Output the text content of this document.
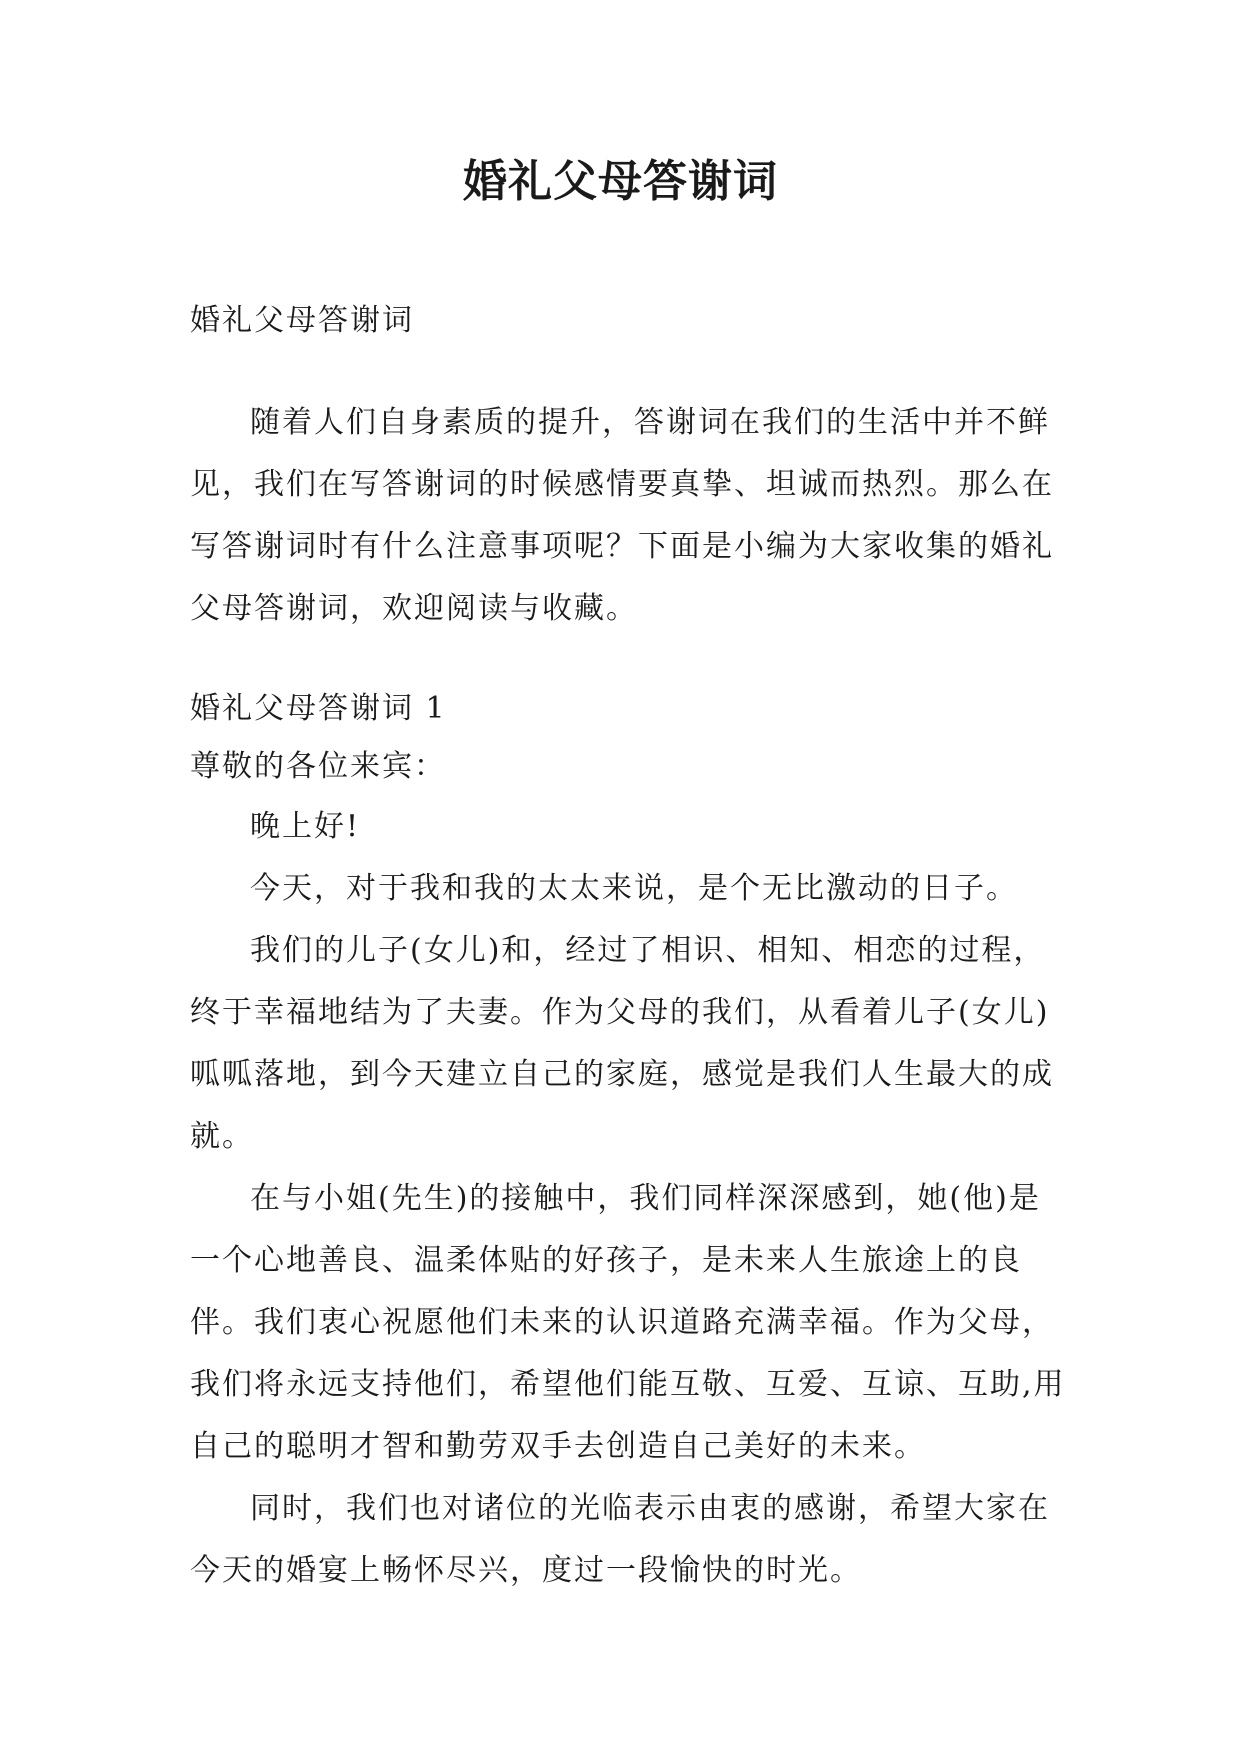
婚礼父母答谢词

婚礼父母答谢词

随着人们自身素质的提升，答谢词在我们的生活中并不鲜见，我们在写答谢词的时候感情要真挚、坦诚而热烈。那么在写答谢词时有什么注意事项呢？下面是小编为大家收集的婚礼父母答谢词，欢迎阅读与收藏。

婚礼父母答谢词 1

尊敬的各位来宾：

晚上好!

今天，对于我和我的太太来说，是个无比激动的日子。

我们的儿子(女儿)和，经过了相识、相知、相恋的过程，终于幸福地结为了夫妻。作为父母的我们，从看着儿子(女儿)呱呱落地，到今天建立自己的家庭，感觉是我们人生最大的成就。

在与小姐(先生)的接触中，我们同样深深感到，她(他)是一个心地善良、温柔体贴的好孩子，是未来人生旅途上的良伴。我们衷心祝愿他们未来的认识道路充满幸福。作为父母，我们将永远支持他们，希望他们能互敬、互爱、互谅、互助,用自己的聪明才智和勤劳双手去创造自己美好的未来。

同时，我们也对诸位的光临表示由衷的感谢，希望大家在今天的婚宴上畅怀尽兴，度过一段愉快的时光。
